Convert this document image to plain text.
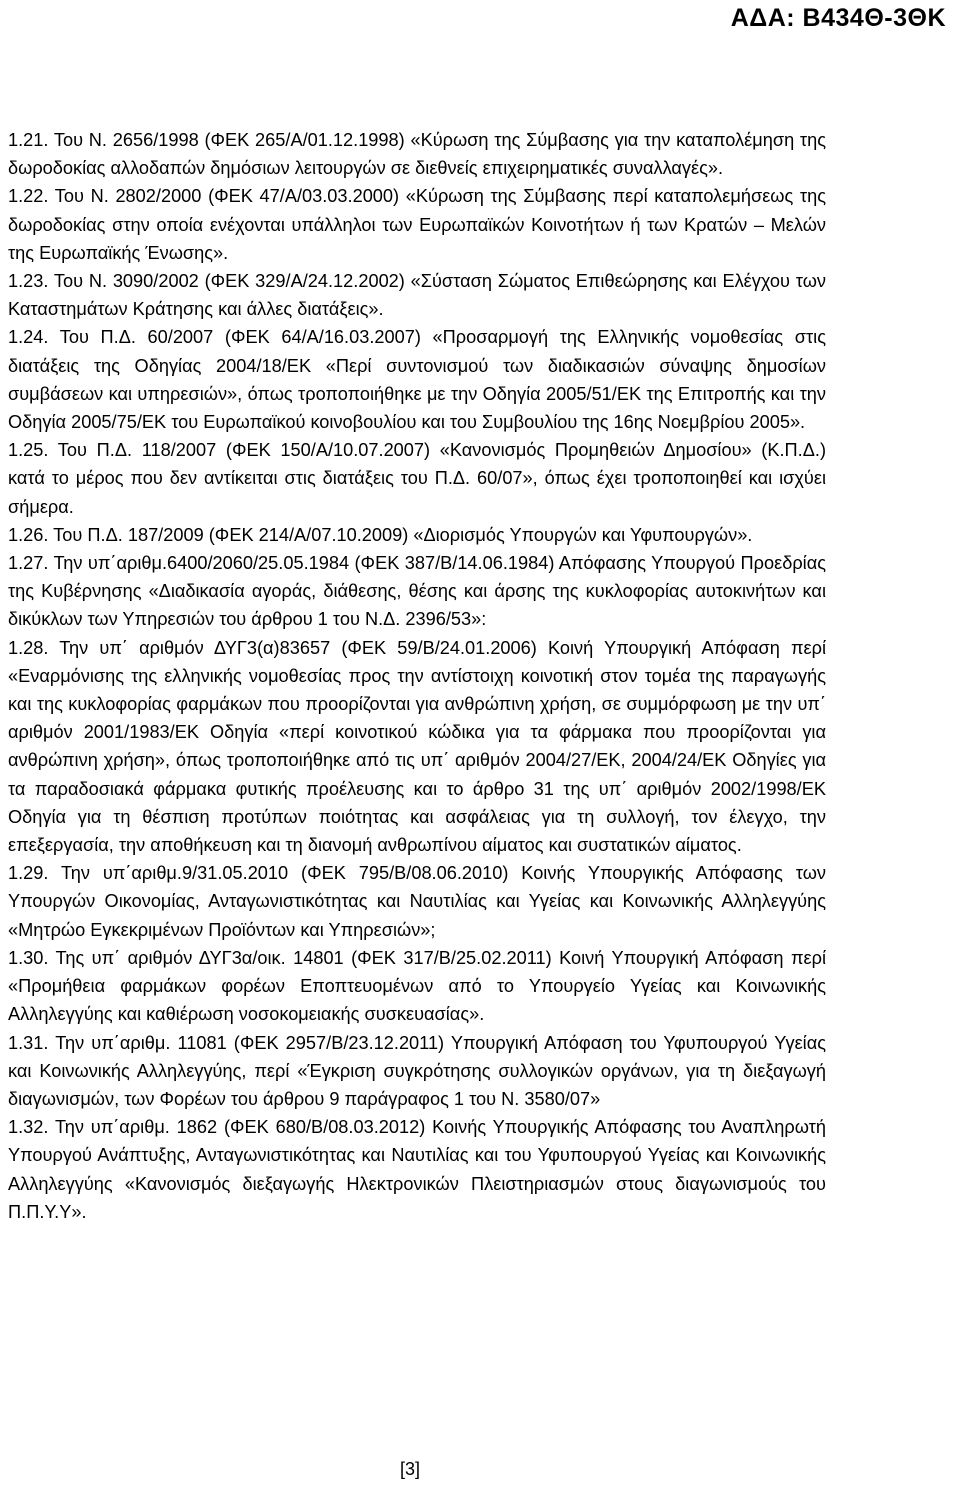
ΑΔΑ: Β434Θ-3ΘΚ

1.21. Του Ν. 2656/1998 (ΦΕΚ 265/Α/01.12.1998) «Κύρωση της Σύμβασης για την καταπολέμηση της δωροδοκίας αλλοδαπών δημόσιων λειτουργών σε διεθνείς επιχειρηματικές συναλλαγές».

1.22. Του Ν. 2802/2000 (ΦΕΚ 47/Α/03.03.2000) «Κύρωση της Σύμβασης περί καταπολεμήσεως της δωροδοκίας στην οποία ενέχονται υπάλληλοι των Ευρωπαϊκών Κοινοτήτων ή των Κρατών – Μελών της Ευρωπαϊκής Ένωσης».

1.23. Του Ν. 3090/2002 (ΦΕΚ 329/Α/24.12.2002) «Σύσταση Σώματος Επιθεώρησης και Ελέγχου των Καταστημάτων Κράτησης και άλλες διατάξεις».

1.24. Του Π.Δ. 60/2007 (ΦΕΚ 64/Α/16.03.2007) «Προσαρμογή της Ελληνικής νομοθεσίας στις διατάξεις της Οδηγίας 2004/18/ΕΚ «Περί συντονισμού των διαδικασιών σύναψης δημοσίων συμβάσεων και υπηρεσιών», όπως τροποποιήθηκε με την Οδηγία 2005/51/ΕΚ της Επιτροπής και την Οδηγία 2005/75/ΕΚ του Ευρωπαϊκού κοινοβουλίου και του Συμβουλίου της 16ης Νοεμβρίου 2005».

1.25. Του Π.Δ. 118/2007 (ΦΕΚ 150/Α/10.07.2007) «Κανονισμός Προμηθειών Δημοσίου» (Κ.Π.Δ.) κατά το μέρος που δεν αντίκειται στις διατάξεις του Π.Δ. 60/07», όπως έχει τροποποιηθεί και ισχύει σήμερα.

1.26. Του Π.Δ. 187/2009 (ΦΕΚ 214/Α/07.10.2009) «Διορισμός Υπουργών και Υφυπουργών».

1.27. Την υπ΄αριθμ.6400/2060/25.05.1984 (ΦΕΚ 387/Β/14.06.1984) Απόφασης Υπουργού Προεδρίας της Κυβέρνησης «Διαδικασία αγοράς, διάθεσης, θέσης και άρσης της κυκλοφορίας αυτοκινήτων και δικύκλων των Υπηρεσιών του άρθρου 1 του Ν.Δ. 2396/53»:

1.28. Την υπ΄ αριθμόν ΔΥΓ3(α)83657 (ΦΕΚ 59/Β/24.01.2006) Κοινή Υπουργική Απόφαση περί «Εναρμόνισης της ελληνικής νομοθεσίας προς την αντίστοιχη κοινοτική στον τομέα της παραγωγής και της κυκλοφορίας φαρμάκων που προορίζονται για ανθρώπινη χρήση, σε συμμόρφωση με την υπ΄ αριθμόν 2001/1983/ΕΚ Οδηγία «περί κοινοτικού κώδικα για τα φάρμακα που προορίζονται για ανθρώπινη χρήση», όπως τροποποιήθηκε από τις υπ΄ αριθμόν 2004/27/ΕΚ, 2004/24/ΕΚ Οδηγίες για τα παραδοσιακά φάρμακα φυτικής προέλευσης και το άρθρο 31 της υπ΄ αριθμόν 2002/1998/ΕΚ Οδηγία για τη θέσπιση προτύπων ποιότητας και ασφάλειας για τη συλλογή, τον έλεγχο, την επεξεργασία, την αποθήκευση και τη διανομή ανθρωπίνου αίματος και συστατικών αίματος.

1.29. Την υπ΄αριθμ.9/31.05.2010 (ΦΕΚ 795/Β/08.06.2010) Κοινής Υπουργικής Απόφασης των Υπουργών Οικονομίας, Ανταγωνιστικότητας και Ναυτιλίας και Υγείας και Κοινωνικής Αλληλεγγύης «Μητρώο Εγκεκριμένων Προϊόντων και Υπηρεσιών»;

1.30. Της υπ΄ αριθμόν ΔΥΓ3α/οικ. 14801 (ΦΕΚ 317/Β/25.02.2011) Κοινή Υπουργική Απόφαση περί «Προμήθεια φαρμάκων φορέων Εποπτευομένων από το Υπουργείο Υγείας και Κοινωνικής Αλληλεγγύης και καθιέρωση νοσοκομειακής συσκευασίας».

1.31. Την υπ΄αριθμ. 11081 (ΦΕΚ 2957/Β/23.12.2011) Υπουργική Απόφαση του Υφυπουργού Υγείας και Κοινωνικής Αλληλεγγύης, περί «Έγκριση συγκρότησης συλλογικών οργάνων, για τη διεξαγωγή διαγωνισμών, των Φορέων του άρθρου 9 παράγραφος 1 του Ν. 3580/07»

1.32. Την υπ΄αριθμ. 1862 (ΦΕΚ 680/Β/08.03.2012) Κοινής Υπουργικής Απόφασης του Αναπληρωτή Υπουργού Ανάπτυξης, Ανταγωνιστικότητας και Ναυτιλίας και του Υφυπουργού Υγείας και Κοινωνικής Αλληλεγγύης «Κανονισμός διεξαγωγής Ηλεκτρονικών Πλειστηριασμών στους διαγωνισμούς του Π.Π.Υ.Υ».

[3]
